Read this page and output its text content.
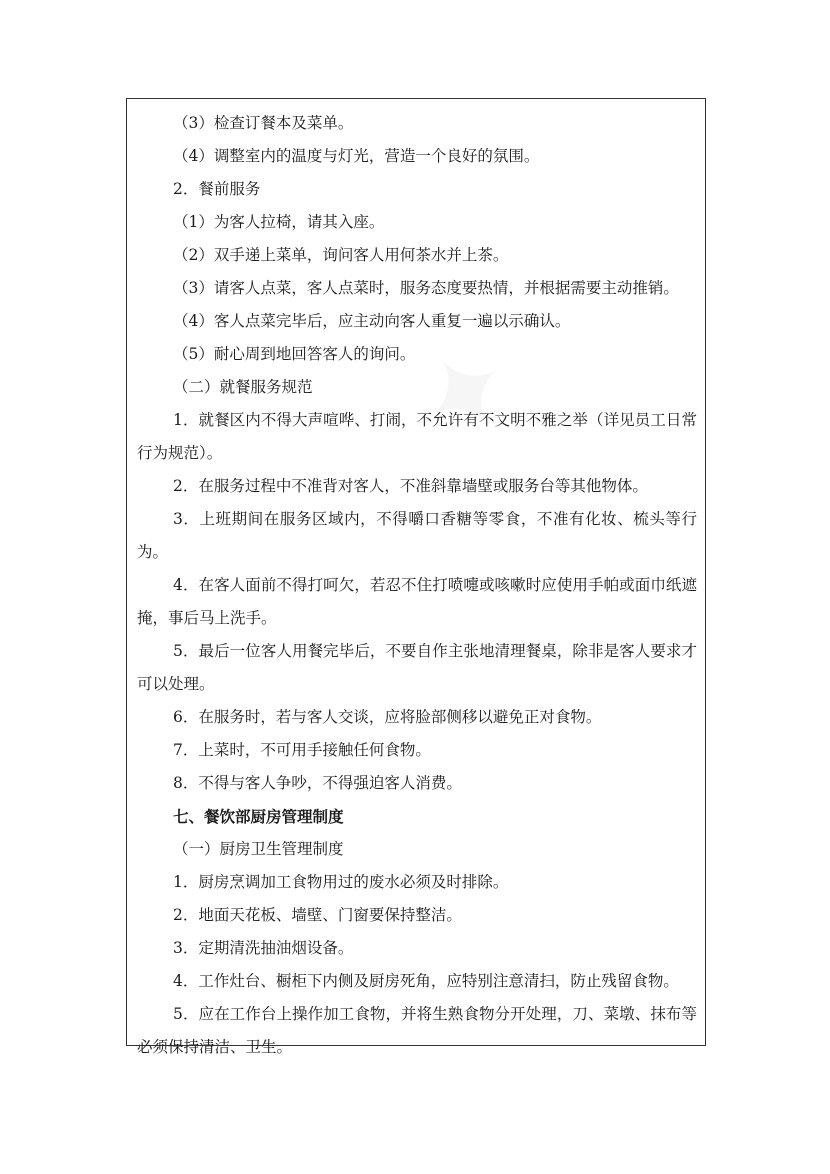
（3）检查订餐本及菜单。

（4）调整室内的温度与灯光，营造一个良好的氛围。

2．餐前服务

（1）为客人拉椅，请其入座。

（2）双手递上菜单，询问客人用何茶水并上茶。

（3）请客人点菜，客人点菜时，服务态度要热情，并根据需要主动推销。

（4）客人点菜完毕后，应主动向客人重复一遍以示确认。

（5）耐心周到地回答客人的询问。

（二）就餐服务规范

1．就餐区内不得大声喧哗、打闹，不允许有不文明不雅之举（详见员工日常行为规范）。

2．在服务过程中不准背对客人，不准斜靠墙壁或服务台等其他物体。

3．上班期间在服务区域内，不得嚼口香糖等零食，不准有化妆、梳头等行为。

4．在客人面前不得打呵欠，若忍不住打喷嚏或咳嗽时应使用手帕或面巾纸遮掩，事后马上洗手。

5．最后一位客人用餐完毕后，不要自作主张地清理餐桌，除非是客人要求才可以处理。

6．在服务时，若与客人交谈，应将脸部侧移以避免正对食物。

7．上菜时，不可用手接触任何食物。

8．不得与客人争吵，不得强迫客人消费。

七、餐饮部厨房管理制度

（一）厨房卫生管理制度

1．厨房烹调加工食物用过的废水必须及时排除。

2．地面天花板、墙壁、门窗要保持整洁。

3．定期清洗抽油烟设备。

4．工作灶台、橱柜下内侧及厨房死角，应特别注意清扫，防止残留食物。

5．应在工作台上操作加工食物，并将生熟食物分开处理，刀、菜墩、抹布等必须保持清洁、卫生。
